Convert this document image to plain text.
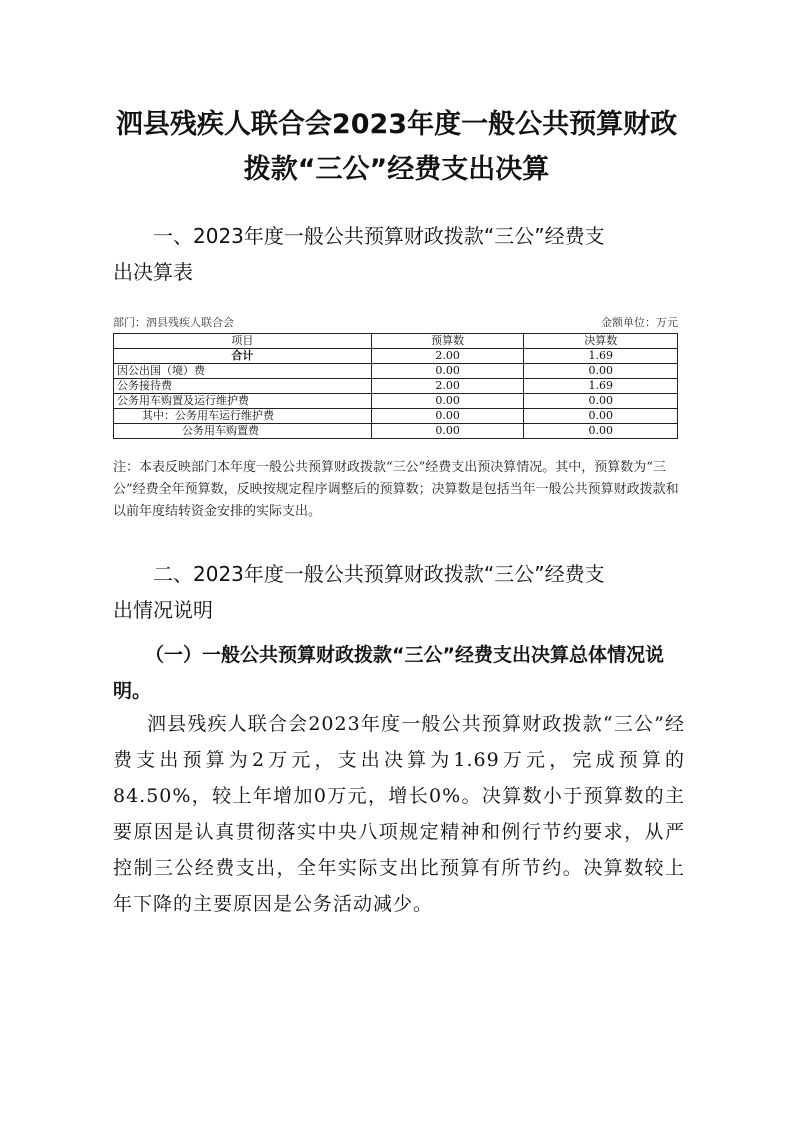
泗县残疾人联合会2023年度一般公共预算财政
拨款“三公”经费支出决算
一、2023年度一般公共预算财政拨款“三公”经费支
出决算表
部门：泗县残疾人联合会	金额单位：万元
项目	预算数	决算数
合计	2.00	1.69
因公出国（境）费	0.00	0.00
公务接待费	2.00	1.69
公务用车购置及运行维护费	0.00	0.00
其中：公务用车运行维护费	0.00	0.00
公务用车购置费	0.00	0.00

注：本表反映部门本年度一般公共预算财政拨款“三公”经费支出预决算情况。其中，预算数为“三公”经费全年预算数，反映按规定程序调整后的预算数；决算数是包括当年一般公共预算财政拨款和以前年度结转资金安排的实际支出。

二、2023年度一般公共预算财政拨款“三公”经费支
出情况说明
（一）一般公共预算财政拨款“三公”经费支出决算总体情况说明。

泗县残疾人联合会2023年度一般公共预算财政拨款“三公”经费支出预算为2万元，支出决算为1.69万元，完成预算的84.50%，较上年增加0万元，增长0%。决算数小于预算数的主要原因是认真贯彻落实中央八项规定精神和例行节约要求，从严控制三公经费支出，全年实际支出比预算有所节约。决算数较上年下降的主要原因是公务活动减少。
